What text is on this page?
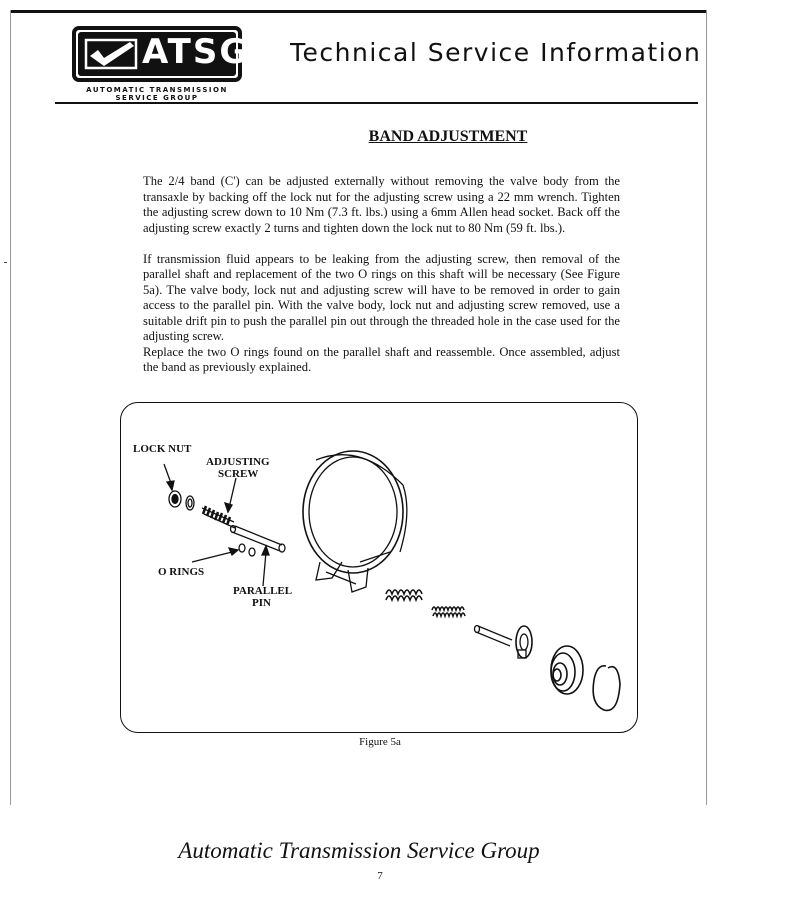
ATSG
AUTOMATIC TRANSMISSION SERVICE GROUP
Technical Service Information
BAND ADJUSTMENT

The 2/4 band (C') can be adjusted externally without removing the valve body from the transaxle by backing off the lock nut for the adjusting screw using a 22 mm wrench. Tighten the adjusting screw down to 10 Nm (7.3 ft. lbs.) using a 6mm Allen head socket. Back off the adjusting screw exactly 2 turns and tighten down the lock nut to 80 Nm (59 ft. lbs.).

If transmission fluid appears to be leaking from the adjusting screw, then removal of the parallel shaft and replacement of the two O rings on this shaft will be necessary (See Figure 5a). The valve body, lock nut and adjusting screw will have to be removed in order to gain access to the parallel pin. With the valve body, lock nut and adjusting screw removed, use a suitable drift pin to push the parallel pin out through the threaded hole in the case used for the adjusting screw.

Replace the two O rings found on the parallel shaft and reassemble. Once assembled, adjust the band as previously explained.

LOCK NUT
ADJUSTING
SCREW
O RINGS
PARALLEL
PIN
Figure 5a
Automatic Transmission Service Group
7
